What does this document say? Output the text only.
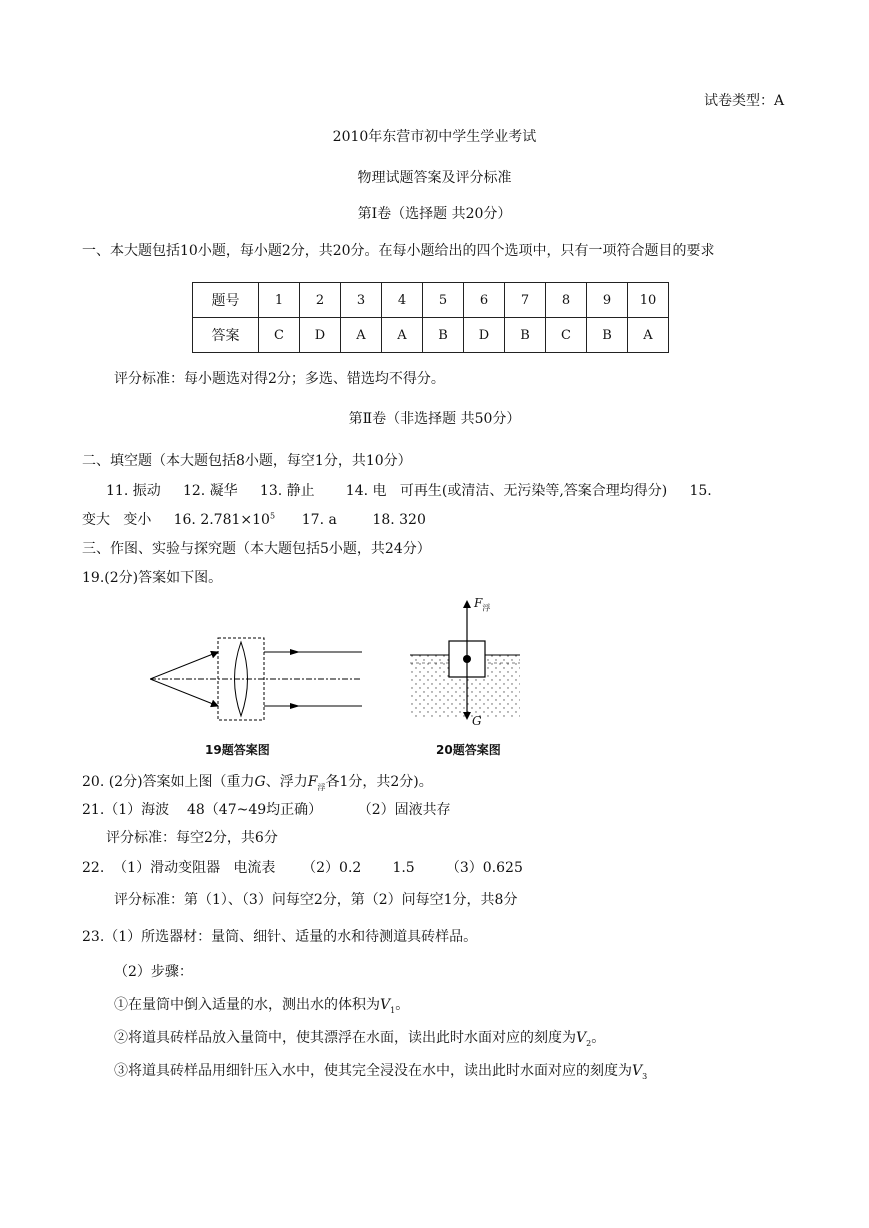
试卷类型：A
2010年东营市初中学生学业考试
物理试题答案及评分标准
第Ⅰ卷（选择题 共20分）
一、本大题包括10小题，每小题2分，共20分。在每小题给出的四个选项中，只有一项符合题目的要求
题号	1	2	3	4	5	6	7	8	9	10
答案	C	D	A	A	B	D	B	C	B	A
评分标准：每小题选对得2分；多选、错选均不得分。
第Ⅱ卷（非选择题 共50分）
二、填空题（本大题包括8小题，每空1分，共10分）
11. 振动     12. 凝华     13. 静止       14. 电   可再生(或清洁、无污染等,答案合理均得分)     15.
变大   变小     16. $2.781\times 10^5$      17. a        18. 320
三、作图、实验与探究题（本大题包括5小题，共24分）
19.(2分)答案如下图。
19题答案图
$F_浮$
G
20题答案图
20. (2分)答案如上图（重力G、浮力$F_浮$各1分，共2分)。
21.（1）海波    48（47~49均正确）        （2）固液共存
评分标准：每空2分，共6分
22.  （1）滑动变阻器   电流表      （2）0.2       1.5       （3）0.625
评分标准：第（1）、（3）问每空2分，第（2）问每空1分，共8分
23.（1）所选器材：量筒、细针、适量的水和待测道具砖样品。
（2）步骤：
①在量筒中倒入适量的水，测出水的体积为$V_1$。
②将道具砖样品放入量筒中，使其漂浮在水面，读出此时水面对应的刻度为$V_2$。
③将道具砖样品用细针压入水中，使其完全浸没在水中，读出此时水面对应的刻度为$V_3$
